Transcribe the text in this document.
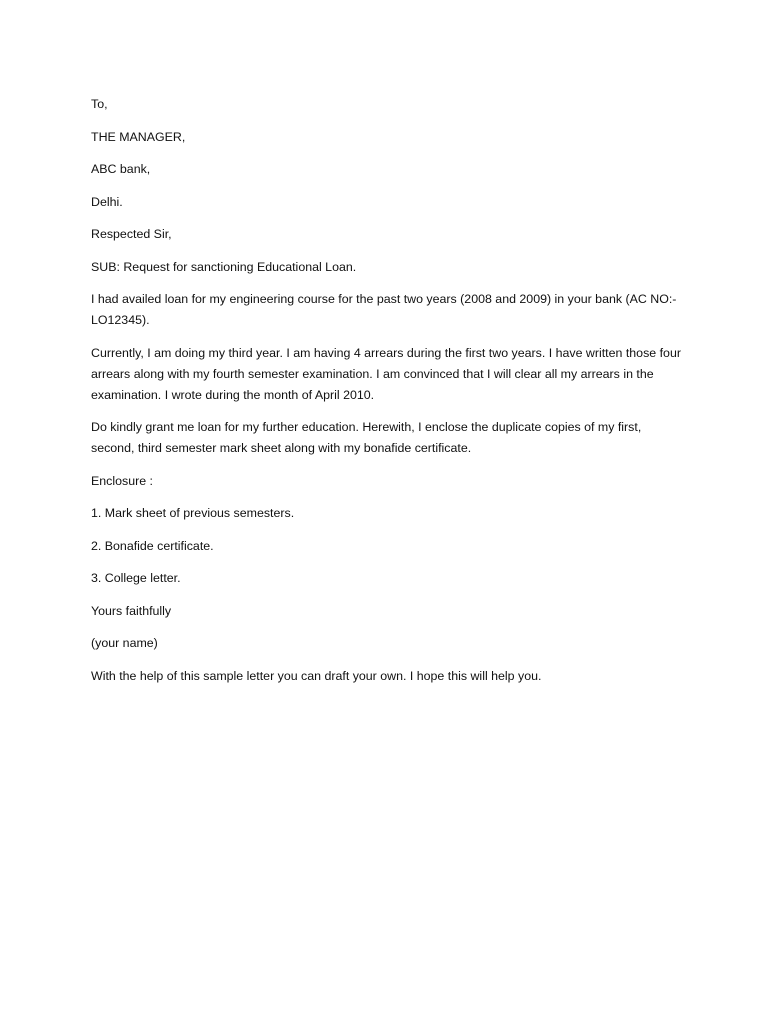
To,

THE MANAGER,

ABC bank,

Delhi.

Respected Sir,

SUB: Request for sanctioning Educational Loan.

I had availed loan for my engineering course for the past two years (2008 and 2009) in your bank (AC NO:-LO12345).

Currently, I am doing my third year. I am having 4 arrears during the first two years. I have written those four arrears along with my fourth semester examination. I am convinced that I will clear all my arrears in the examination. I wrote during the month of April 2010.

Do kindly grant me loan for my further education. Herewith, I enclose the duplicate copies of my first, second, third semester mark sheet along with my bonafide certificate.

Enclosure :

1. Mark sheet of previous semesters.

2. Bonafide certificate.

3. College letter.

Yours faithfully

(your name)

With the help of this sample letter you can draft your own. I hope this will help you.
